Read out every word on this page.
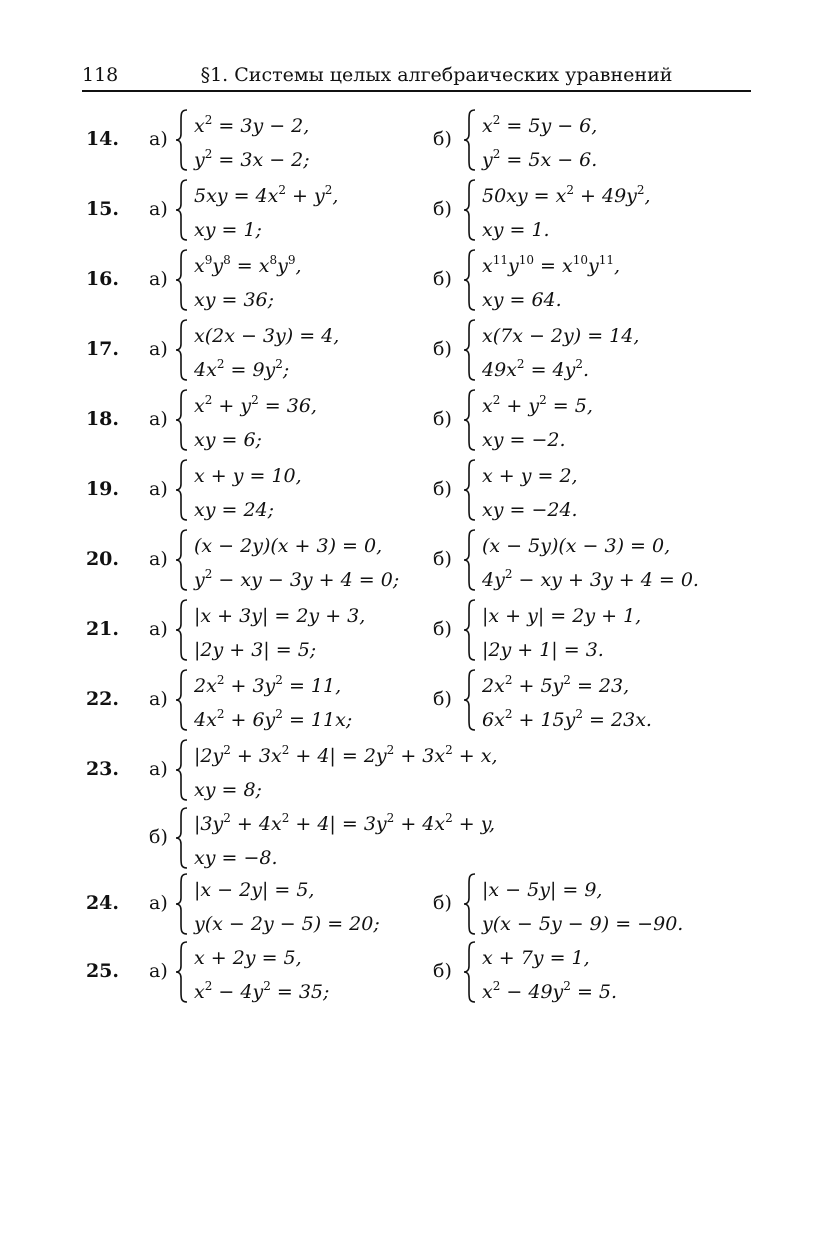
118	§1. Системы целых алгебраических уравнений
14. а)
$x^2 = 3y - 2$,
$y^2 = 3x - 2$;
б)
$x^2 = 5y - 6$,
$y^2 = 5x - 6$.
15. а)
$5xy = 4x^2 + y^2$,
xy = 1;
б)
$50xy = x^2 + 49y^2$,
xy = 1.
16. а)
$x^9y^8 = x^8y^9$,
xy = 36;
б)
$x^{11}y^{10} = x^{10}y^{11}$,
xy = 64.
17. а)
x(2x − 3y) = 4,
$4x^2 = 9y^2$;
б)
x(7x − 2y) = 14,
$49x^2 = 4y^2$.
18. а)
$x^2 + y^2 = 36$,
xy = 6;
б)
$x^2 + y^2 = 5$,
xy = −2.
19. а)
x + y = 10,
xy = 24;
б)
x + y = 2,
xy = −24.
20. а)
(x − 2y)(x + 3) = 0,
$y^2$ − xy − 3y + 4 = 0;
б)
(x − 5y)(x − 3) = 0,
$4y^2$ − xy + 3y + 4 = 0.
21. а)
|x + 3y| = 2y + 3,
|2y + 3| = 5;
б)
|x + y| = 2y + 1,
|2y + 1| = 3.
22. а)
$2x^2 + 3y^2 = 11$,
$4x^2 + 6y^2 = 11x$;
б)
$2x^2 + 5y^2 = 23$,
$6x^2 + 15y^2 = 23x$.
23. а)
$|2y^2 + 3x^2 + 4| = 2y^2 + 3x^2 + x$,
xy = 8;
б)
$|3y^2 + 4x^2 + 4| = 3y^2 + 4x^2 + y$,
xy = −8.
24. а)
|x − 2y| = 5,
y(x − 2y − 5) = 20;
б)
|x − 5y| = 9,
y(x − 5y − 9) = −90.
25. а)
x + 2y = 5,
$x^2 - 4y^2 = 35$;
б)
x + 7y = 1,
$x^2 - 49y^2 = 5$.
